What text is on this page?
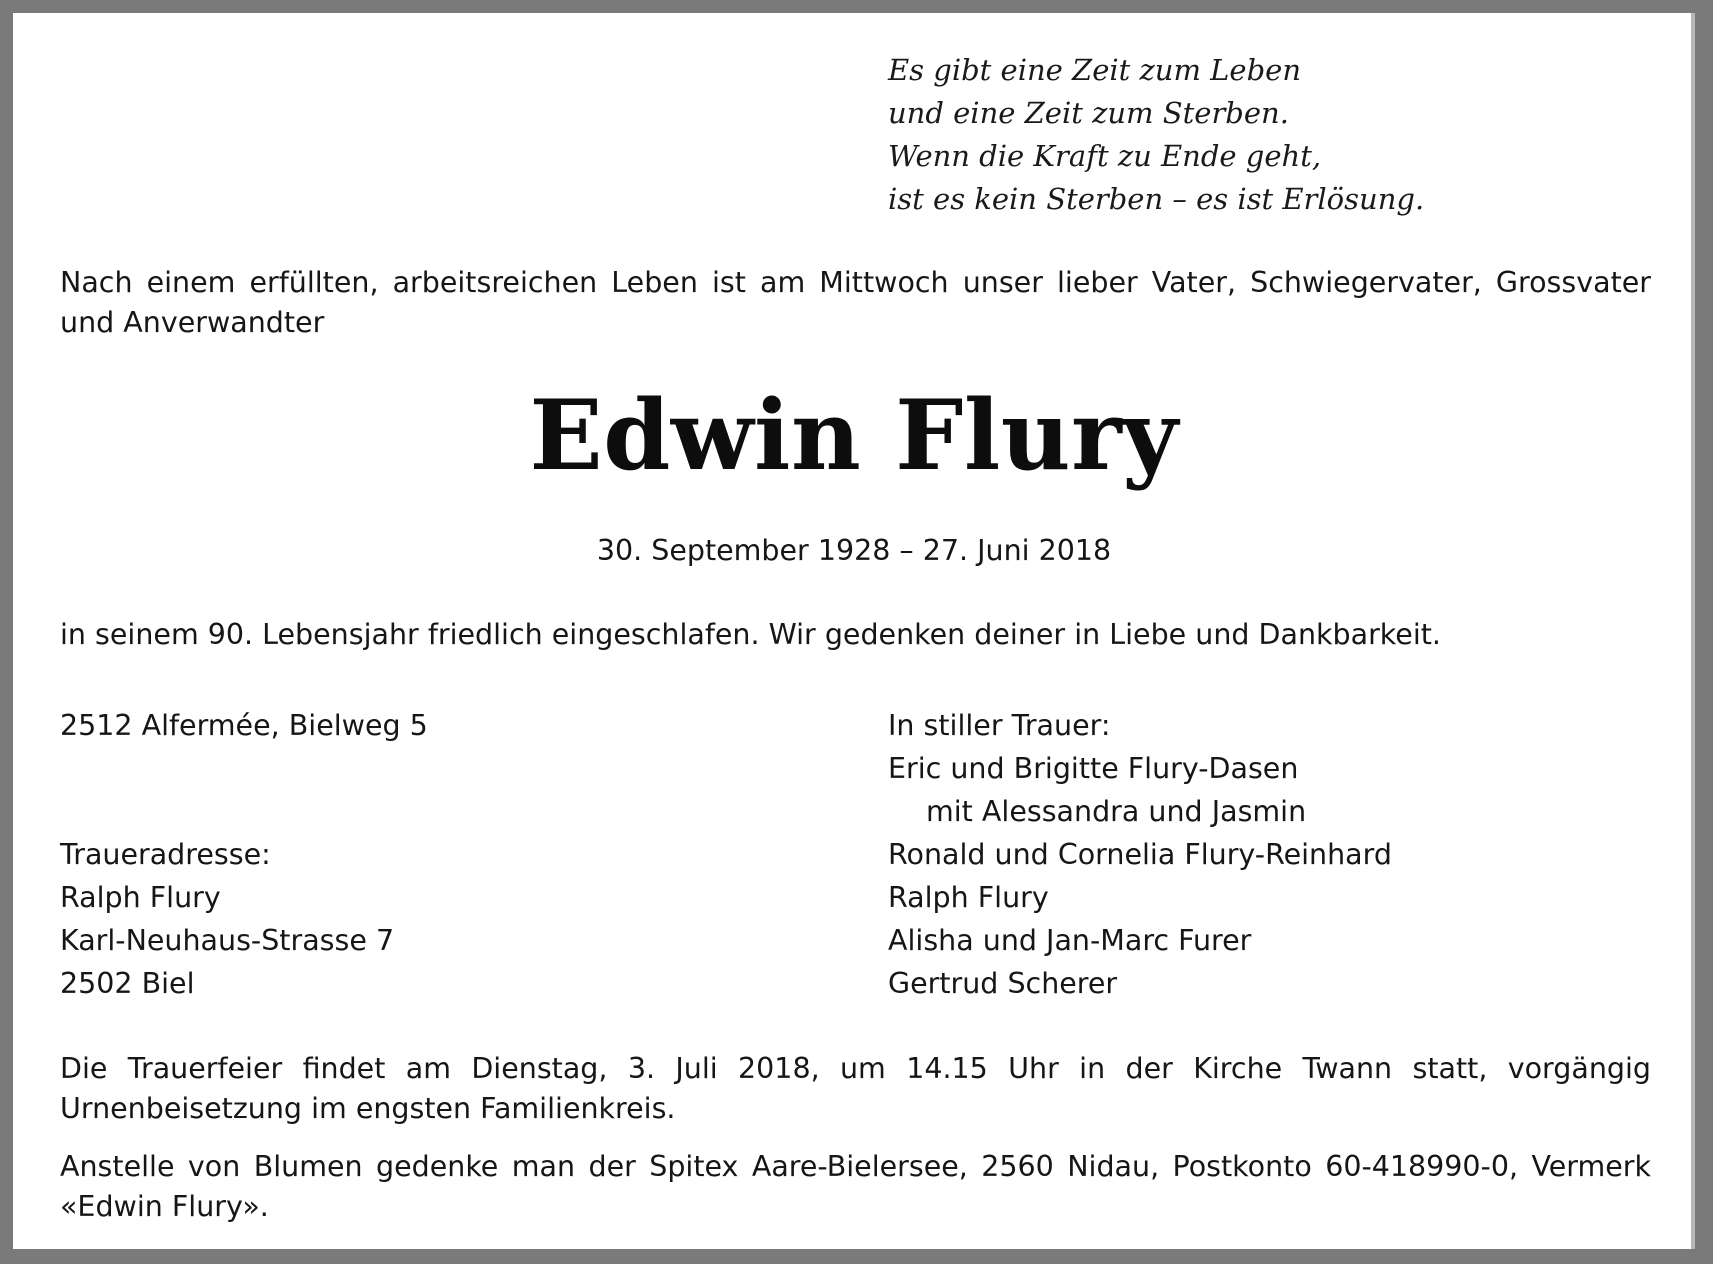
Es gibt eine Zeit zum Leben
und eine Zeit zum Sterben.
Wenn die Kraft zu Ende geht,
ist es kein Sterben – es ist Erlösung.

Nach einem erfüllten, arbeitsreichen Leben ist am Mittwoch unser lieber Vater, Schwiegervater, Grossvater und Anverwandter

Edwin Flury

30. September 1928 – 27. Juni 2018

in seinem 90. Lebensjahr friedlich eingeschlafen. Wir gedenken deiner in Liebe und Dankbarkeit.

2512 Alfermée, Bielweg 5
Traueradresse:
Ralph Flury
Karl-Neuhaus-Strasse 7
2502 Biel
In stiller Trauer:
Eric und Brigitte Flury-Dasen
mit Alessandra und Jasmin
Ronald und Cornelia Flury-Reinhard
Ralph Flury
Alisha und Jan-Marc Furer
Gertrud Scherer

Die Trauerfeier findet am Dienstag, 3. Juli 2018, um 14.15 Uhr in der Kirche Twann statt, vorgängig Urnenbeisetzung im engsten Familienkreis.

Anstelle von Blumen gedenke man der Spitex Aare-Bielersee, 2560 Nidau, Postkonto 60-418990-0, Vermerk «Edwin Flury».
